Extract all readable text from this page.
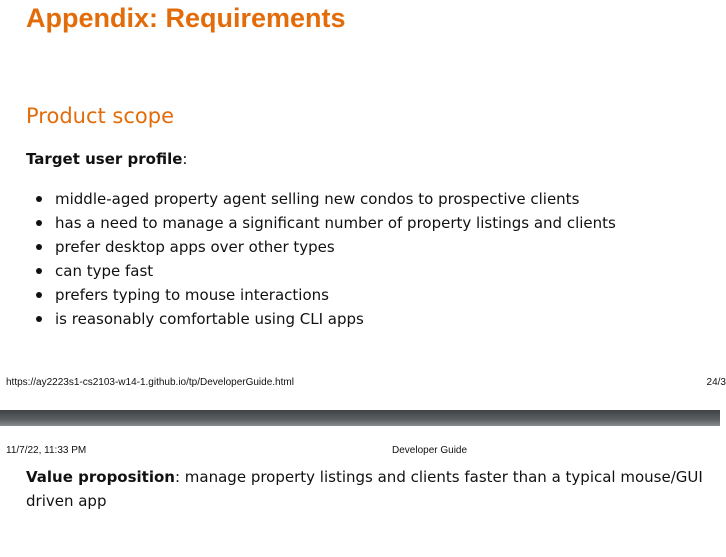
Appendix: Requirements
Product scope

Target user profile:

middle-aged property agent selling new condos to prospective clients
has a need to manage a significant number of property listings and clients
prefer desktop apps over other types
can type fast
prefers typing to mouse interactions
is reasonably comfortable using CLI apps
https://ay2223s1-cs2103-w14-1.github.io/tp/DeveloperGuide.html	24/3
11/7/22, 11:33 PM	Developer Guide

Value proposition: manage property listings and clients faster than a typical mouse/GUI driven app
